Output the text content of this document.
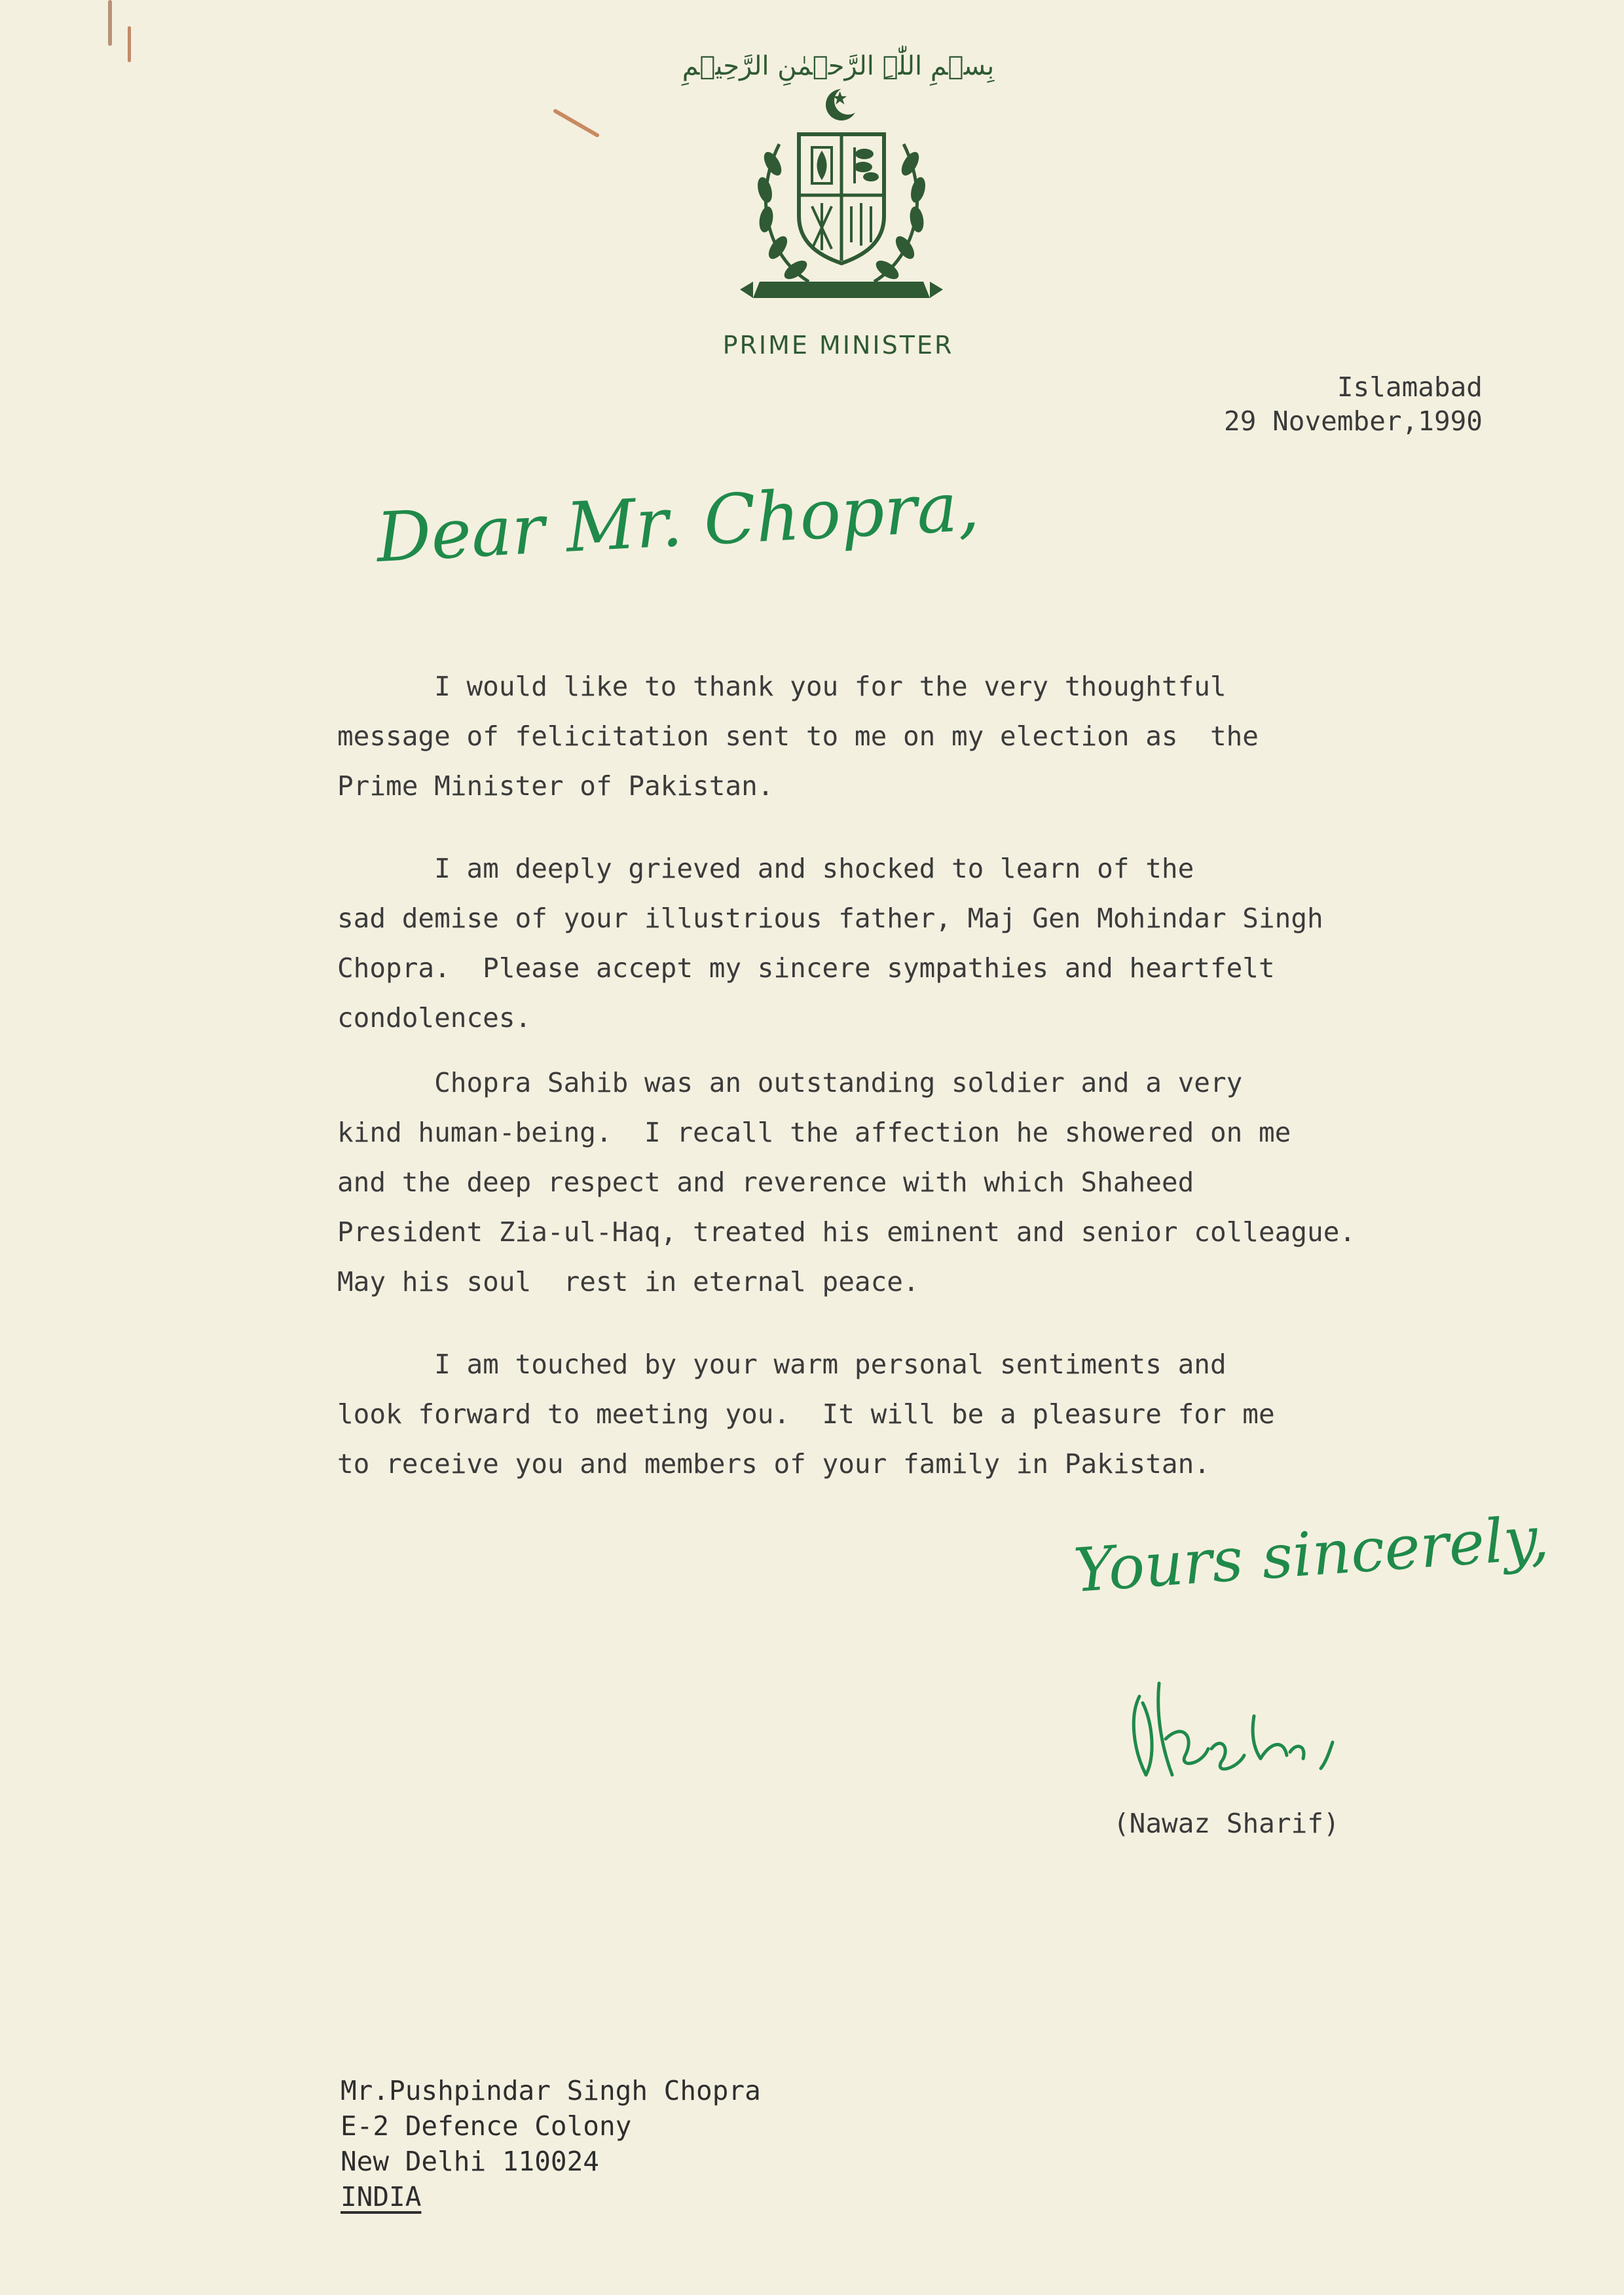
بِسۡمِ اللّٰہِ الرَّحۡمٰنِ الرَّحِیۡمِ
PRIME MINISTER
Islamabad
29 November,1990
Dear Mr. Chopra,
I would like to thank you for the very thoughtful
message of felicitation sent to me on my election as  the
Prime Minister of Pakistan.
I am deeply grieved and shocked to learn of the
sad demise of your illustrious father, Maj Gen Mohindar Singh
Chopra.  Please accept my sincere sympathies and heartfelt
condolences.
Chopra Sahib was an outstanding soldier and a very
kind human-being.  I recall the affection he showered on me
and the deep respect and reverence with which Shaheed
President Zia-ul-Haq, treated his eminent and senior colleague.
May his soul  rest in eternal peace.
I am touched by your warm personal sentiments and
look forward to meeting you.  It will be a pleasure for me
to receive you and members of your family in Pakistan.
Yours sincerely,
(Nawaz Sharif)
Mr.Pushpindar Singh Chopra
E-2 Defence Colony
New Delhi 110024
INDIA
